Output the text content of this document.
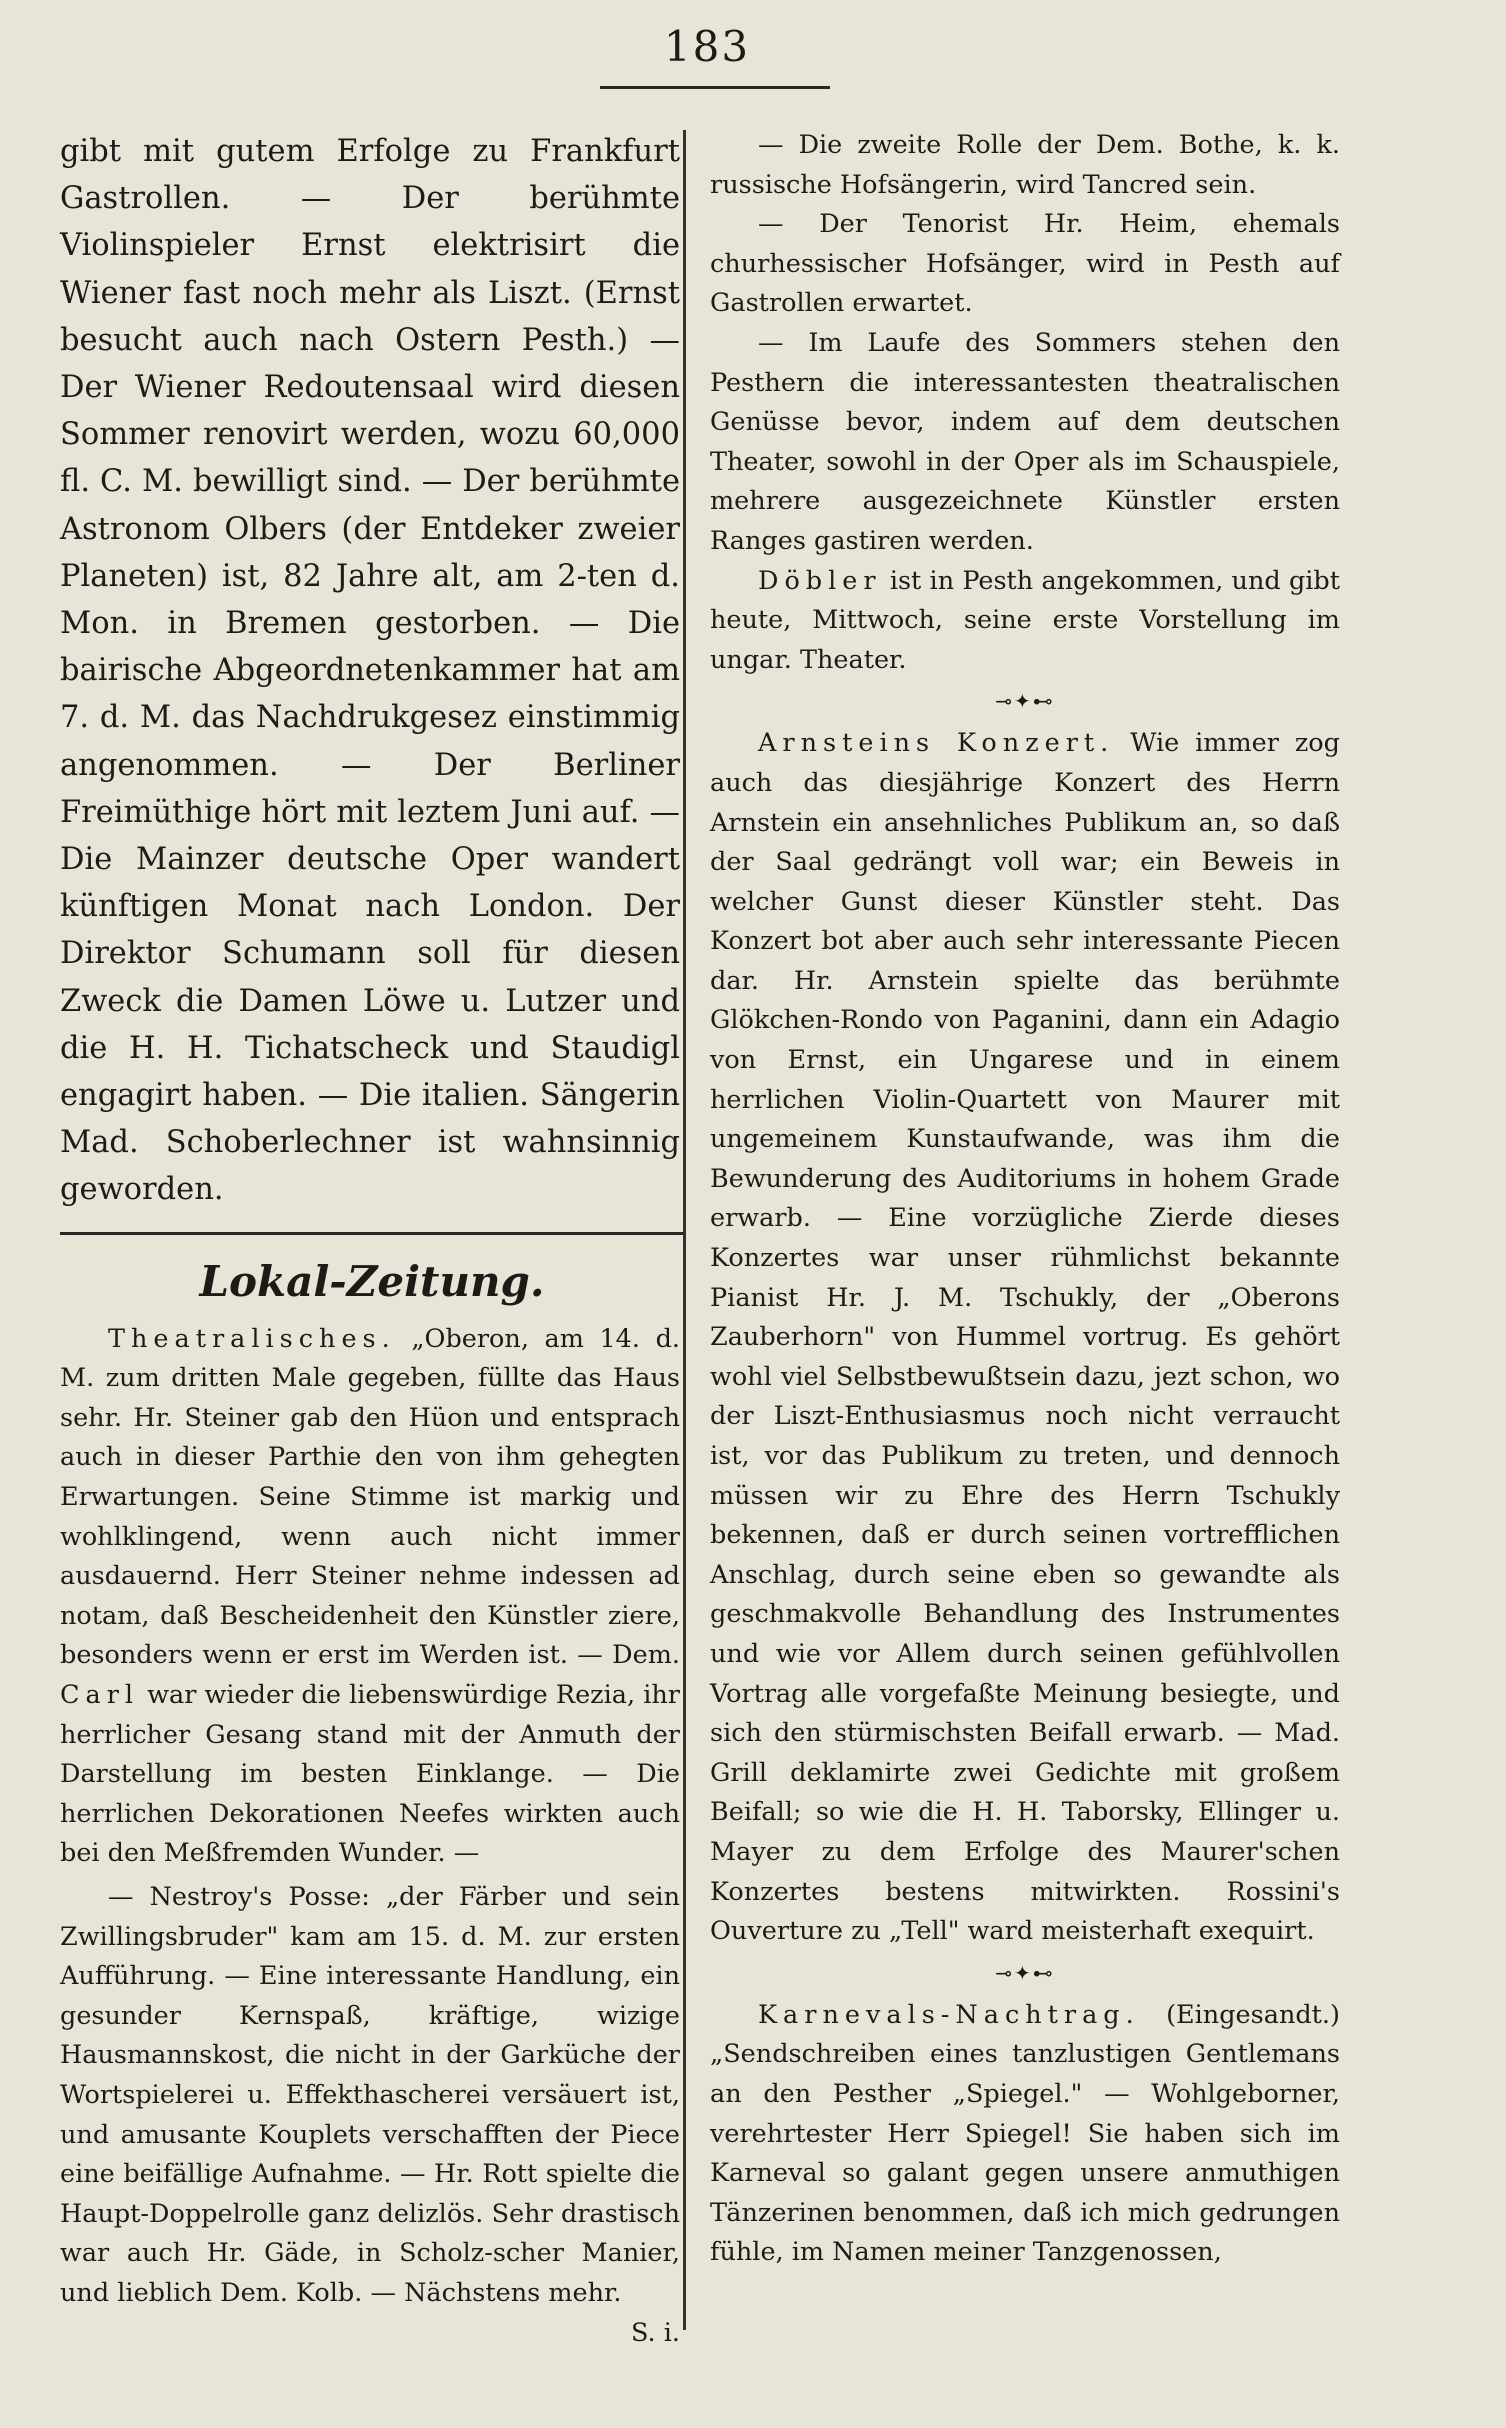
183

gibt mit gutem Erfolge zu Frankfurt Gastrollen. — Der berühmte Violinspieler Ernst elektrisirt die Wiener fast noch mehr als Liszt. (Ernst besucht auch nach Ostern Pesth.) — Der Wiener Redoutensaal wird diesen Sommer renovirt werden, wozu 60,000 fl. C. M. bewilligt sind. — Der berühmte Astronom Olbers (der Entdeker zweier Planeten) ist, 82 Jahre alt, am 2-ten d. Mon. in Bremen gestorben. — Die bairische Abgeordnetenkammer hat am 7. d. M. das Nachdrukgesez einstimmig angenommen. — Der Berliner Freimüthige hört mit leztem Juni auf. — Die Mainzer deutsche Oper wandert künftigen Monat nach London. Der Direktor Schumann soll für diesen Zweck die Damen Löwe u. Lutzer und die H. H. Tichatscheck und Staudigl engagirt haben. — Die italien. Sängerin Mad. Schoberlechner ist wahnsinnig geworden.

Lokal-Zeitung.

Theatralisches. „Oberon, am 14. d. M. zum dritten Male gegeben, füllte das Haus sehr. Hr. Steiner gab den Hüon und entsprach auch in dieser Parthie den von ihm gehegten Erwartungen. Seine Stimme ist markig und wohlklingend, wenn auch nicht immer ausdauernd. Herr Steiner nehme indessen ad notam, daß Bescheidenheit den Künstler ziere, besonders wenn er erst im Werden ist. — Dem. Carl war wieder die liebenswürdige Rezia, ihr herrlicher Gesang stand mit der Anmuth der Darstellung im besten Einklange. — Die herrlichen Dekorationen Neefes wirkten auch bei den Meßfremden Wunder. —

— Nestroy's Posse: „der Färber und sein Zwillingsbruder" kam am 15. d. M. zur ersten Aufführung. — Eine interessante Handlung, ein gesunder Kernspaß, kräftige, wizige Hausmannskost, die nicht in der Garküche der Wortspielerei u. Effekthascherei versäuert ist, und amusante Kouplets verschafften der Piece eine beifällige Aufnahme. — Hr. Rott spielte die Haupt-Doppelrolle ganz delizlös. Sehr drastisch war auch Hr. Gäde, in Scholz-scher Manier, und lieblich Dem. Kolb. — Nächstens mehr.
S. i.

— Die zweite Rolle der Dem. Bothe, k. k. russische Hofsängerin, wird Tancred sein.

— Der Tenorist Hr. Heim, ehemals churhessischer Hofsänger, wird in Pesth auf Gastrollen erwartet.

— Im Laufe des Sommers stehen den Pesthern die interessantesten theatralischen Genüsse bevor, indem auf dem deutschen Theater, sowohl in der Oper als im Schauspiele, mehrere ausgezeichnete Künstler ersten Ranges gastiren werden.

Döbler ist in Pesth angekommen, und gibt heute, Mittwoch, seine erste Vorstellung im ungar. Theater.

⊸✦⊷

Arnsteins Konzert. Wie immer zog auch das diesjährige Konzert des Herrn Arnstein ein ansehnliches Publikum an, so daß der Saal gedrängt voll war; ein Beweis in welcher Gunst dieser Künstler steht. Das Konzert bot aber auch sehr interessante Piecen dar. Hr. Arnstein spielte das berühmte Glökchen-Rondo von Paganini, dann ein Adagio von Ernst, ein Ungarese und in einem herrlichen Violin-Quartett von Maurer mit ungemeinem Kunstaufwande, was ihm die Bewunderung des Auditoriums in hohem Grade erwarb. — Eine vorzügliche Zierde dieses Konzertes war unser rühmlichst bekannte Pianist Hr. J. M. Tschukly, der „Oberons Zauberhorn" von Hummel vortrug. Es gehört wohl viel Selbstbewußtsein dazu, jezt schon, wo der Liszt-Enthusiasmus noch nicht verraucht ist, vor das Publikum zu treten, und dennoch müssen wir zu Ehre des Herrn Tschukly bekennen, daß er durch seinen vortrefflichen Anschlag, durch seine eben so gewandte als geschmakvolle Behandlung des Instrumentes und wie vor Allem durch seinen gefühlvollen Vortrag alle vorgefaßte Meinung besiegte, und sich den stürmischsten Beifall erwarb. — Mad. Grill deklamirte zwei Gedichte mit großem Beifall; so wie die H. H. Taborsky, Ellinger u. Mayer zu dem Erfolge des Maurer'schen Konzertes bestens mitwirkten. Rossini's Ouverture zu „Tell" ward meisterhaft exequirt.

⊸✦⊷

Karnevals-Nachtrag. (Eingesandt.) „Sendschreiben eines tanzlustigen Gentlemans an den Pesther „Spiegel." — Wohlgeborner, verehrtester Herr Spiegel! Sie haben sich im Karneval so galant gegen unsere anmuthigen Tänzerinen benommen, daß ich mich gedrungen fühle, im Namen meiner Tanzgenossen,
